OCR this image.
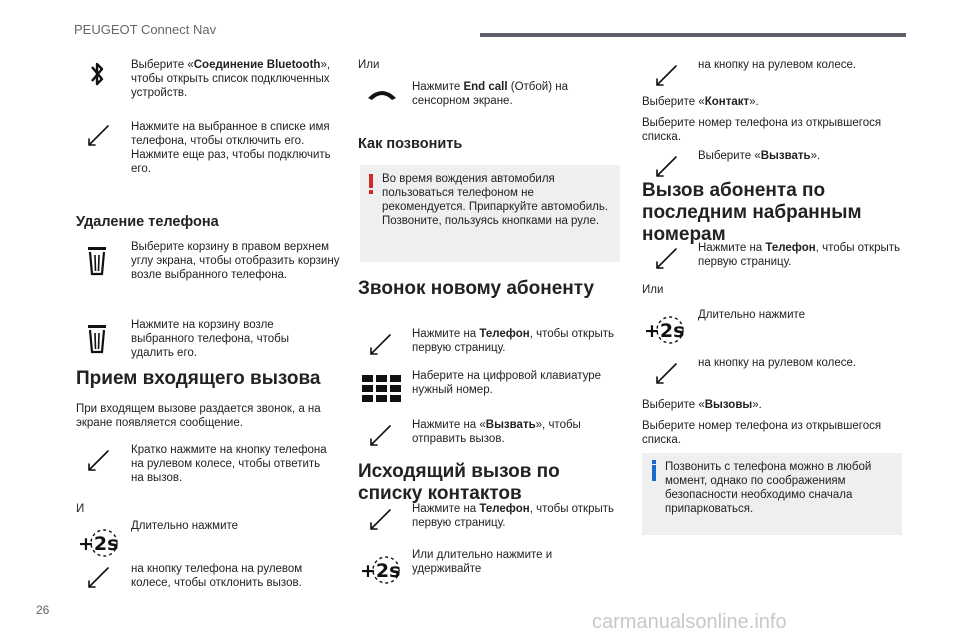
PEUGEOT Connect Nav
26
carmanualsonline.info
Выберите «Соединение Bluetooth», чтобы открыть список подключенных устройств.
Нажмите на выбранное в списке имя телефона, чтобы отключить его. Нажмите еще раз, чтобы подключить его.
Удаление телефона
Выберите корзину в правом верхнем углу экрана, чтобы отобразить корзину возле выбранного телефона.
Нажмите на корзину возле выбранного телефона, чтобы удалить его.
Прием входящего вызова
При входящем вызове раздается звонок, а на экране появляется сообщение.
Кратко нажмите на кнопку телефона на рулевом колесе, чтобы ответить на вызов.
И
+2s
Длительно нажмите
на кнопку телефона на рулевом колесе, чтобы отклонить вызов.
Или
Нажмите End call (Отбой) на сенсорном экране.
Как позвонить
Во время вождения автомобиля пользоваться телефоном не рекомендуется. Припаркуйте автомобиль. Позвоните, пользуясь кнопками на руле.
Звонок новому абоненту
Нажмите на Телефон, чтобы открыть первую страницу.
Наберите на цифровой клавиатуре нужный номер.
Нажмите на «Вызвать», чтобы отправить вызов.
Исходящий вызов по списку контактов
Нажмите на Телефон, чтобы открыть первую страницу.
+2s
Или длительно нажмите и удерживайте
на кнопку на рулевом колесе.
Выберите «Контакт».
Выберите номер телефона из открывшегося списка.
Выберите «Вызвать».
Вызов абонента по последним набранным номерам
Нажмите на Телефон, чтобы открыть первую страницу.
Или
+2s
Длительно нажмите
на кнопку на рулевом колесе.
Выберите «Вызовы».
Выберите номер телефона из открывшегося списка.
Позвонить с телефона можно в любой момент, однако по соображениям безопасности необходимо сначала припарковаться.
